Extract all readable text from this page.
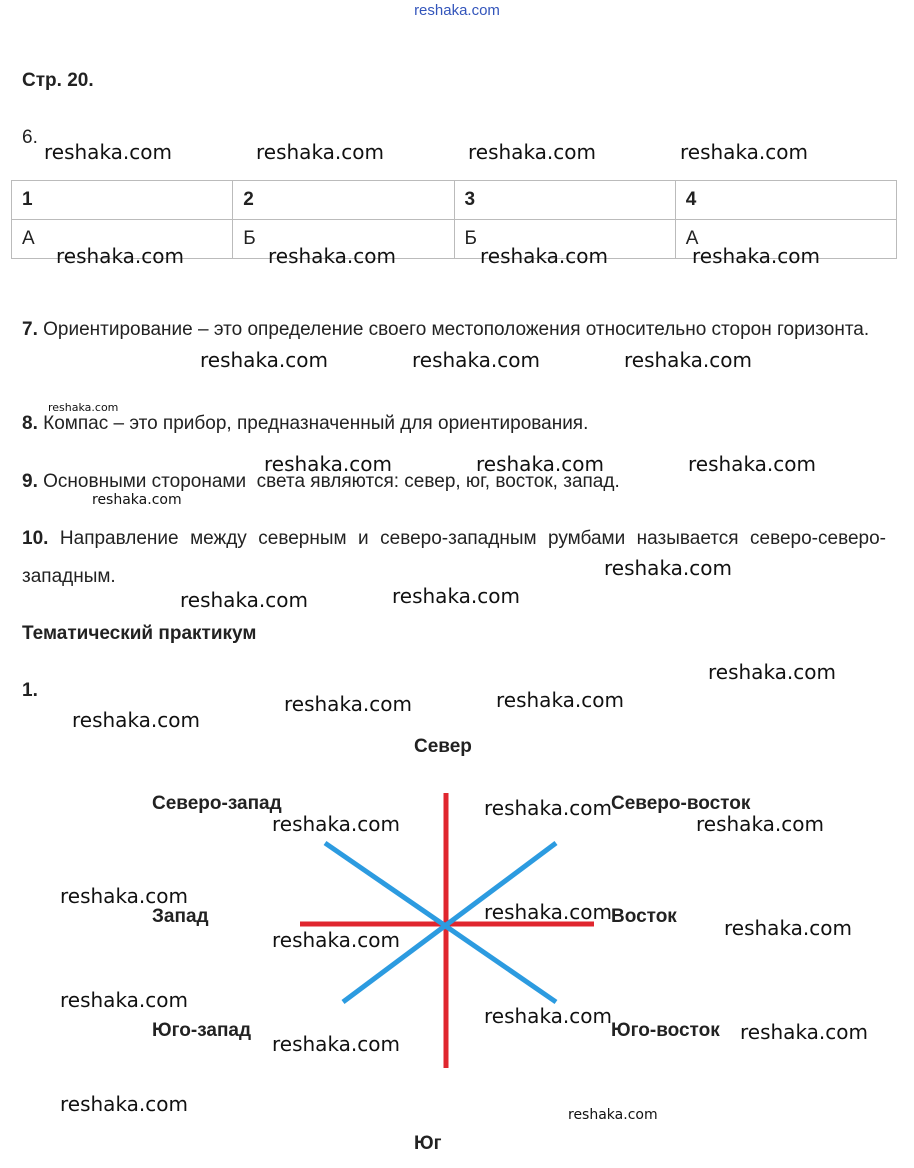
reshaka.com
Стр. 20.
6.
1	2	3	4
А	Б	Б	А
7. Ориентирование – это определение своего местоположения относительно сторон горизонта.
8. Компас – это прибор, предназначенный для ориентирования.
9. Основными сторонами  света являются: север, юг, восток, запад.
10. Направление между северным и северо-западным румбами называется северо-северо-западным.
Тематический практикум
1.
Север
Северо-запад	Северо-восток
Запад	Восток
Юго-запад	Юго-восток
Юг
reshaka.com	reshaka.com	reshaka.com	reshaka.com
reshaka.com	reshaka.com	reshaka.com	reshaka.com
reshaka.com	reshaka.com	reshaka.com
reshaka.com
reshaka.com	reshaka.com	reshaka.com
reshaka.com
reshaka.com
reshaka.com	reshaka.com
reshaka.com
reshaka.com
reshaka.com
reshaka.com
reshaka.com
reshaka.com	reshaka.com
reshaka.com
reshaka.com
reshaka.com
reshaka.com
reshaka.com
reshaka.com
reshaka.com
reshaka.com
reshaka.com	reshaka.com
